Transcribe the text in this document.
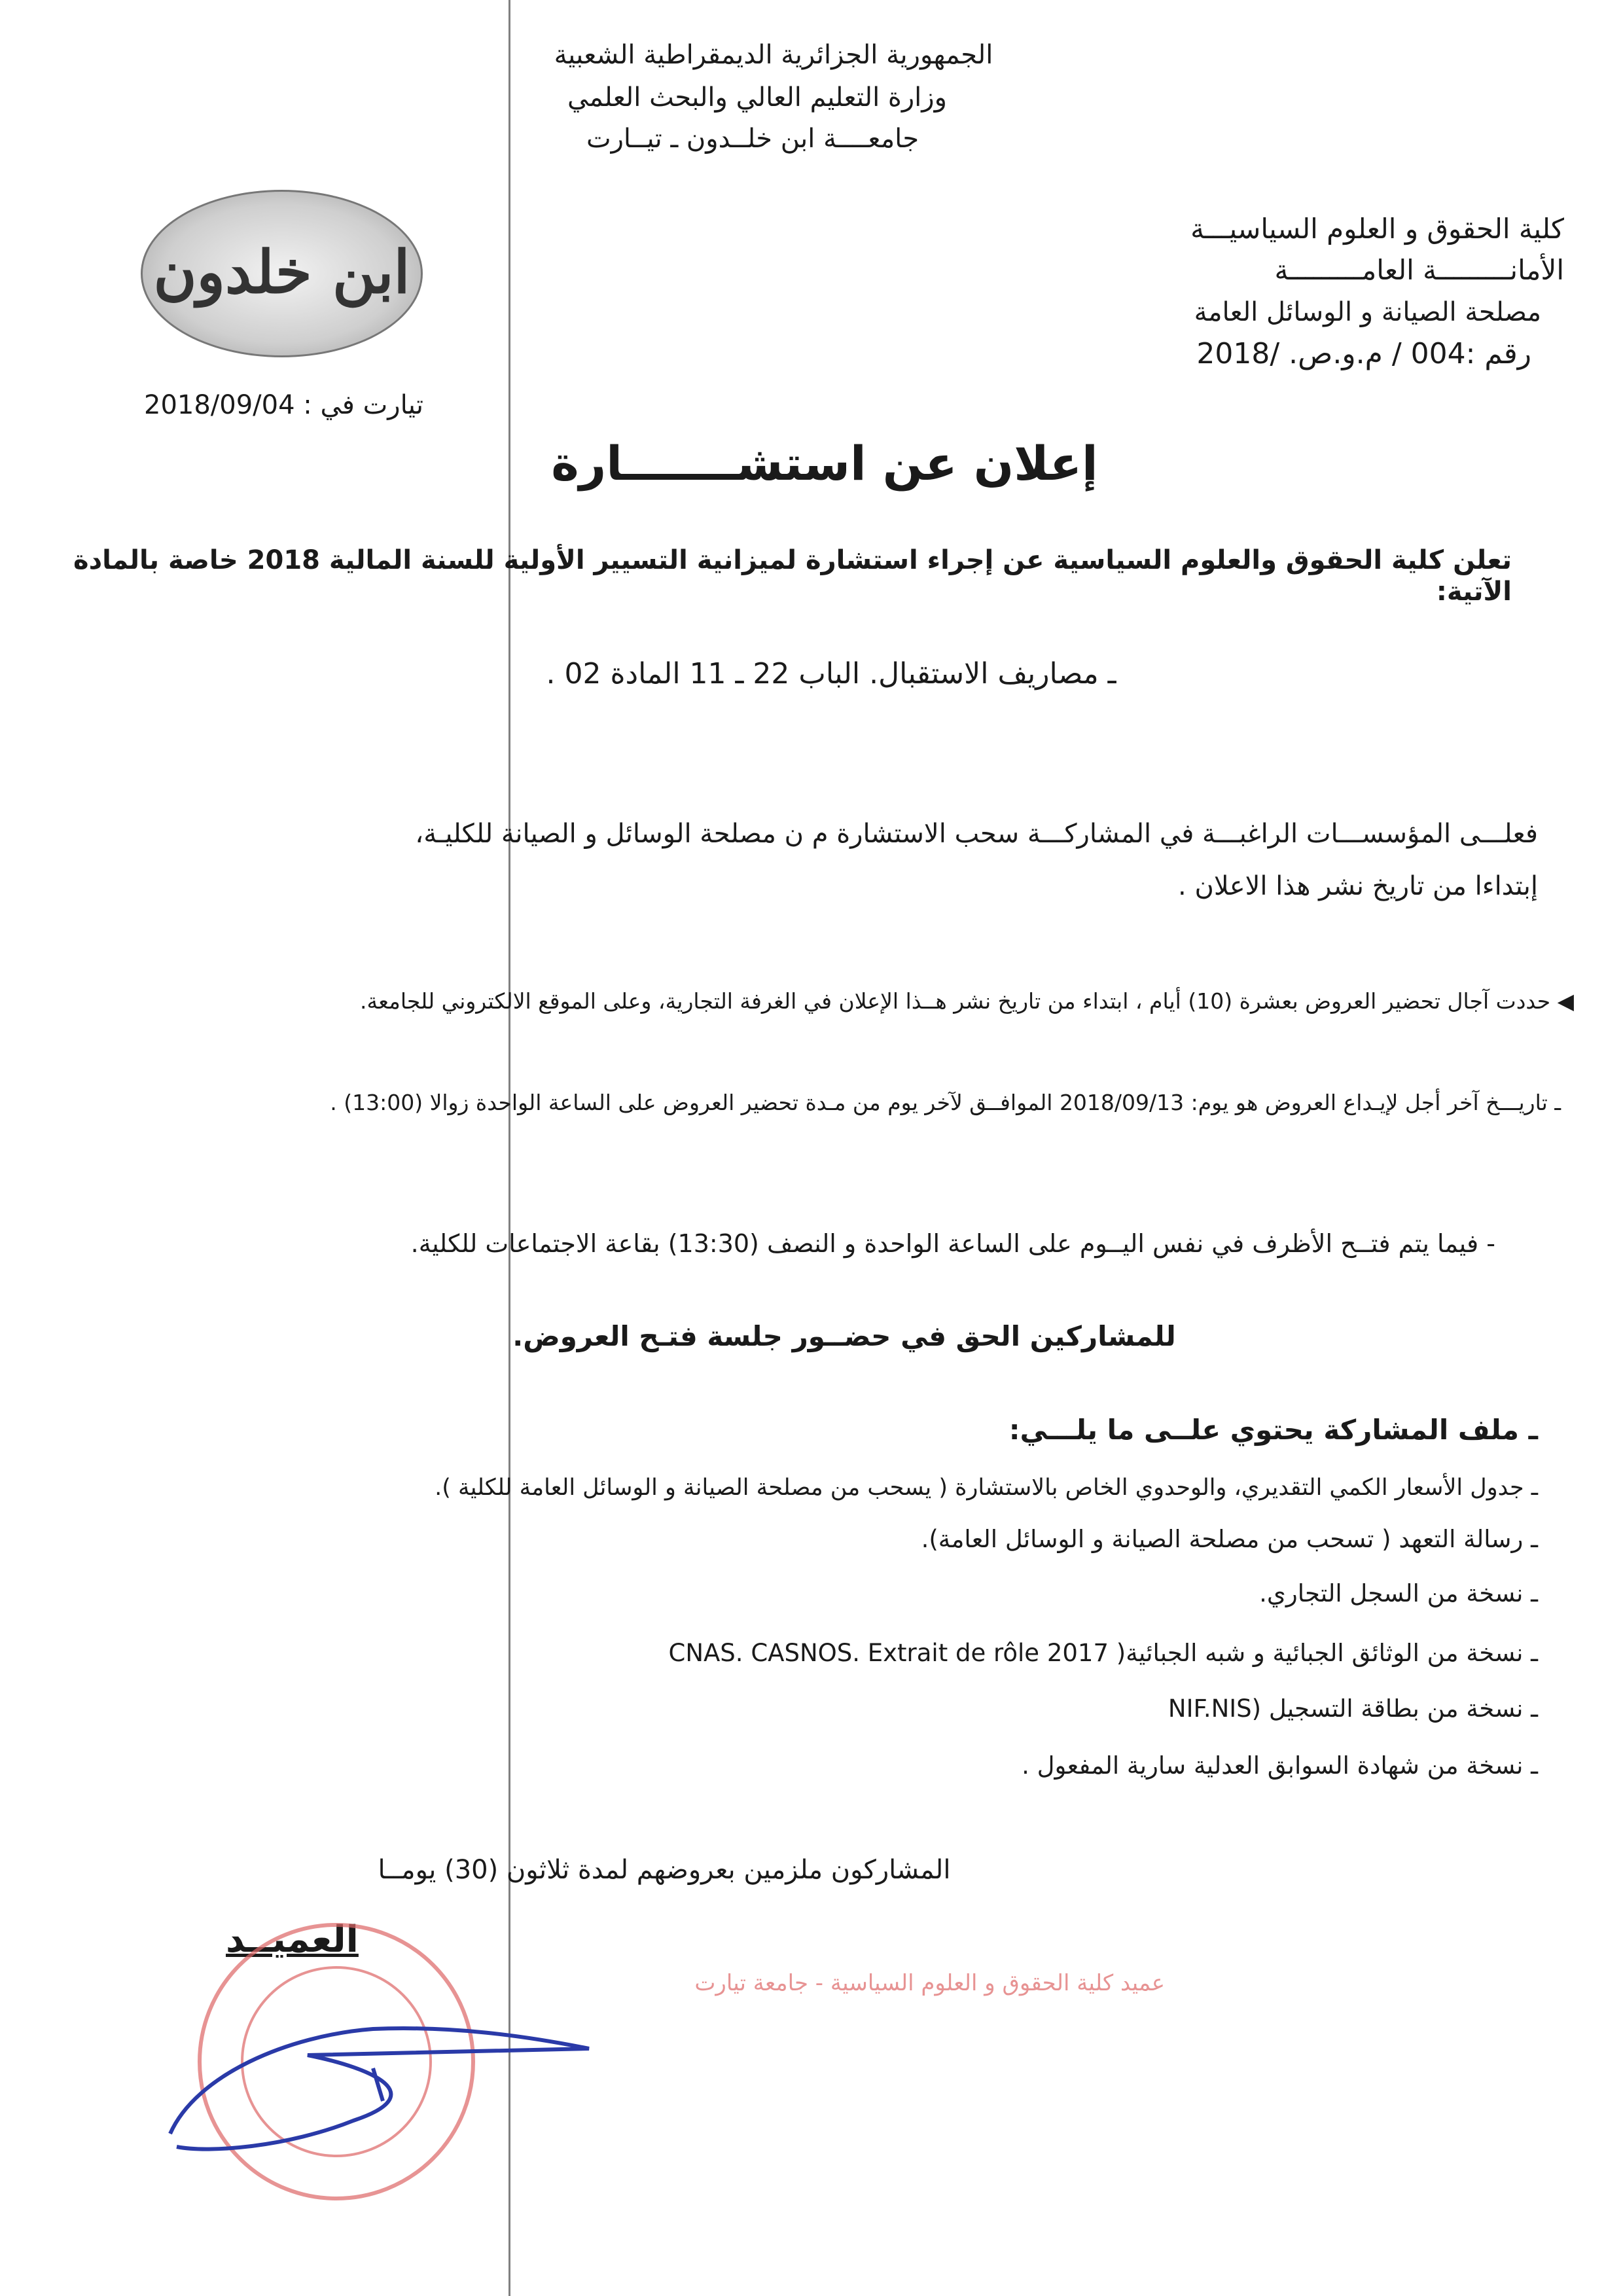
الجمهورية الجزائرية الديمقراطية الشعبية
وزارة التعليم العالي والبحث العلمي
جامعــــة ابن خلــدون ـ تيــارت
ابن خلدون
كلية الحقوق و العلوم السياسيـــة
الأمانـــــــــة العامـــــــــة
مصلحة الصيانة و الوسائل العامة
رقم :004 / م.و.ص. /2018
تيارت في : 2018/09/04
إعلان عن استشـــــــارة
تعلن كلية الحقوق والعلوم السياسية عن إجراء استشارة لميزانية التسيير الأولية للسنة المالية 2018 خاصة بالمادة الآتية:
ـ مصاريف الاستقبال. الباب 22 ـ 11 المادة 02 .
فعلـــى المؤسســـات الراغبـــة في المشاركـــة سحب الاستشارة م ن مصلحة الوسائل و الصيانة للكليـة،
إبتداءا من تاريخ نشر هذا الاعلان .
◀ حددت آجال تحضير العروض بعشرة (10) أيام ، ابتداء من تاريخ نشر هــذا الإعلان في الغرفة التجارية، وعلى الموقع الالكتروني للجامعة.
ـ تاريـــخ آخر أجل لإيـداع العروض هو يوم: 2018/09/13 الموافــق لآخر يوم من مـدة تحضير العروض على الساعة الواحدة زوالا (13:00) .
- فيما يتم فتــح الأظرف في نفس اليــوم على الساعة الواحدة و النصف (13:30) بقاعة الاجتماعات للكلية.
للمشاركين الحق في حضــور جلسة فتـح العروض.
ـ ملف المشاركة يحتوي علــى ما يلـــي:
ـ جدول الأسعار الكمي التقديري، والوحدوي الخاص بالاستشارة ( يسحب من مصلحة الصيانة و الوسائل العامة للكلية ).
ـ رسالة التعهد ( تسحب من مصلحة الصيانة و الوسائل العامة).
ـ نسخة من السجل التجاري.
ـ نسخة من الوثائق الجبائية و شبه الجبائية( CNAS. CASNOS. Extrait de rôle 2017
ـ نسخة من بطاقة التسجيل (NIF.NIS
ـ نسخة من شهادة السوابق العدلية سارية المفعول .
المشاركون ملزمين بعروضهم لمدة ثلاثون (30) يومــا
العميــد
عميد كلية الحقوق و العلوم السياسية - جامعة تيارت
